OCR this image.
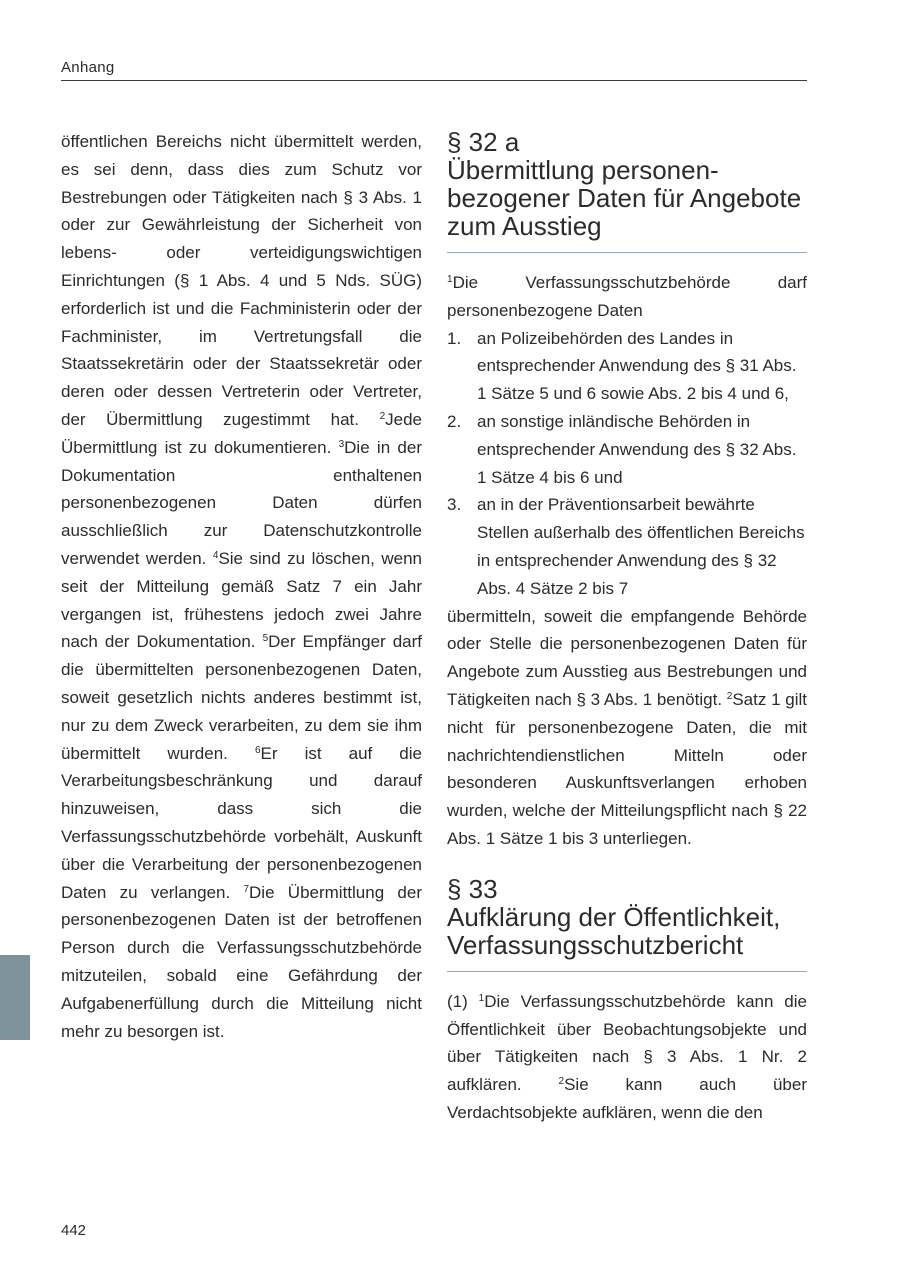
Anhang

öffentlichen Bereichs nicht übermittelt werden, es sei denn, dass dies zum Schutz vor Bestrebungen oder Tätigkeiten nach § 3 Abs. 1 oder zur Gewährleistung der Sicherheit von lebens- oder verteidigungswichtigen Einrichtungen (§ 1 Abs. 4 und 5 Nds. SÜG) erforderlich ist und die Fachministerin oder der Fachminister, im Vertretungsfall die Staatssekretärin oder der Staatssekretär oder deren oder dessen Vertreterin oder Vertreter, der Übermittlung zugestimmt hat. $^2$Jede Übermittlung ist zu dokumentieren. $^3$Die in der Dokumentation enthaltenen personenbezogenen Daten dürfen ausschließlich zur Datenschutzkontrolle verwendet werden. $^4$Sie sind zu löschen, wenn seit der Mitteilung gemäß Satz 7 ein Jahr vergangen ist, frühestens jedoch zwei Jahre nach der Dokumentation. $^5$Der Empfänger darf die übermittelten personenbezogenen Daten, soweit gesetzlich nichts anderes bestimmt ist, nur zu dem Zweck verarbeiten, zu dem sie ihm übermittelt wurden. $^6$Er ist auf die Verarbeitungsbeschränkung und darauf hinzuweisen, dass sich die Verfassungsschutzbehörde vorbehält, Auskunft über die Verarbeitung der personenbezogenen Daten zu verlangen. $^7$Die Übermittlung der personenbezogenen Daten ist der betroffenen Person durch die Verfassungsschutzbehörde mitzuteilen, sobald eine Gefährdung der Aufgabenerfüllung durch die Mitteilung nicht mehr zu besorgen ist.

§ 32 a
Übermittlung personen-
bezogener Daten für Angebote
zum Ausstieg

$^1$Die Verfassungsschutzbehörde darf personenbezogene Daten

1. an Polizeibehörden des Landes in entsprechender Anwendung des § 31 Abs. 1 Sätze 5 und 6 sowie Abs. 2 bis 4 und 6,
2. an sonstige inländische Behörden in entsprechender Anwendung des § 32 Abs. 1 Sätze 4 bis 6 und
3. an in der Präventionsarbeit bewährte Stellen außerhalb des öffentlichen Bereichs in entsprechender Anwendung des § 32 Abs. 4 Sätze 2 bis 7

übermitteln, soweit die empfangende Behörde oder Stelle die personenbezogenen Daten für Angebote zum Ausstieg aus Bestrebungen und Tätigkeiten nach § 3 Abs. 1 benötigt. $^2$Satz 1 gilt nicht für personenbezogene Daten, die mit nachrichtendienstlichen Mitteln oder besonderen Auskunftsverlangen erhoben wurden, welche der Mitteilungspflicht nach § 22 Abs. 1 Sätze 1 bis 3 unterliegen.

§ 33
Aufklärung der Öffentlichkeit,
Verfassungsschutzbericht

(1) $^1$Die Verfassungsschutzbehörde kann die Öffentlichkeit über Beobachtungsobjekte und über Tätigkeiten nach § 3 Abs. 1 Nr. 2 aufklären. $^2$Sie kann auch über Verdachtsobjekte aufklären, wenn die den

442
